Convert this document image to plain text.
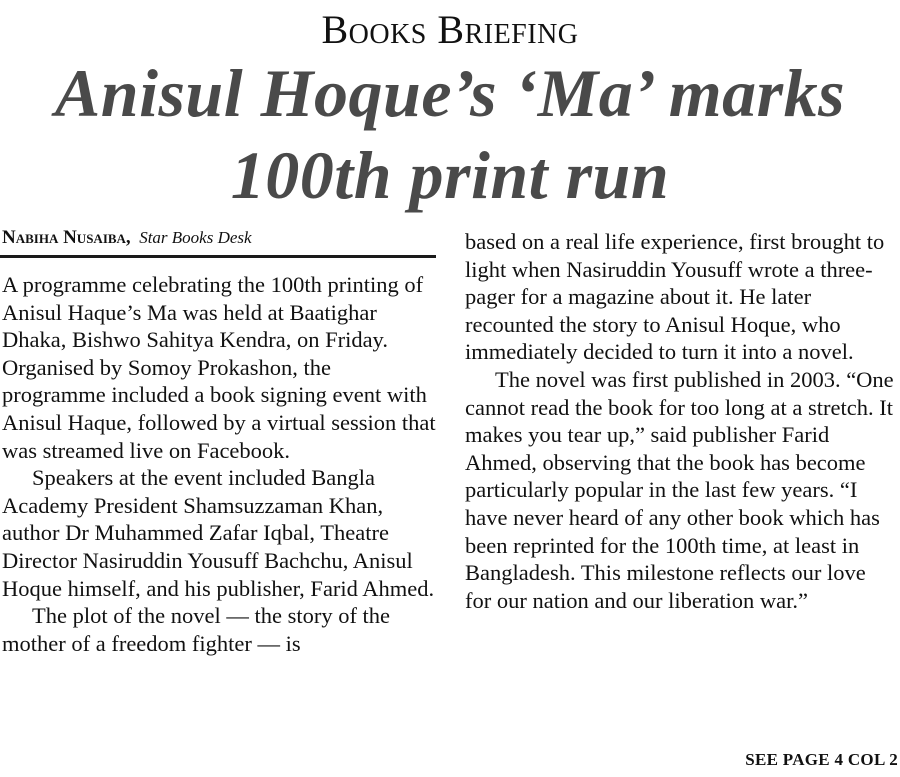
Books Briefing
Anisul Hoque’s ‘Ma’ marks
100th print run
Nabiha Nusaiba, Star Books Desk

A programme celebrating the 100th printing of Anisul Haque’s Ma was held at Baatighar Dhaka, Bishwo Sahitya Kendra, on Friday. Organised by Somoy Prokashon, the programme included a book signing event with Anisul Haque, followed by a virtual session that was streamed live on Facebook.

Speakers at the event included Bangla Academy President Shamsuzzaman Khan, author Dr Muhammed Zafar Iqbal, Theatre Director Nasiruddin Yousuff Bachchu, Anisul Hoque himself, and his publisher, Farid Ahmed.

The plot of the novel — the story of the mother of a freedom fighter — is

based on a real life experience, first brought to light when Nasiruddin Yousuff wrote a three-pager for a magazine about it. He later recounted the story to Anisul Hoque, who immediately decided to turn it into a novel.

The novel was first published in 2003. “One cannot read the book for too long at a stretch. It makes you tear up,” said publisher Farid Ahmed, observing that the book has become particularly popular in the last few years. “I have never heard of any other book which has been reprinted for the 100th time, at least in Bangladesh. This milestone reflects our love for our nation and our liberation war.”

SEE PAGE 4 COL 2
